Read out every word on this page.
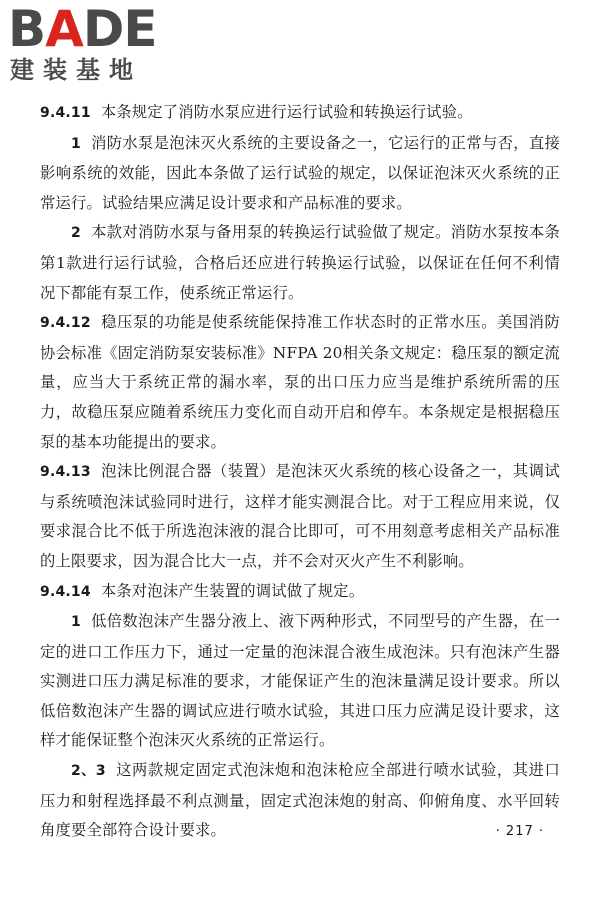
BADE
建装基地

9.4.11 本条规定了消防水泵应进行运行试验和转换运行试验。

1 消防水泵是泡沫灭火系统的主要设备之一，它运行的正常与否，直接影响系统的效能，因此本条做了运行试验的规定，以保证泡沫灭火系统的正常运行。试验结果应满足设计要求和产品标准的要求。

2 本款对消防水泵与备用泵的转换运行试验做了规定。消防水泵按本条第1款进行运行试验，合格后还应进行转换运行试验，以保证在任何不利情况下都能有泵工作，使系统正常运行。

9.4.12 稳压泵的功能是使系统能保持准工作状态时的正常水压。美国消防协会标准《固定消防泵安装标准》NFPA 20相关条文规定：稳压泵的额定流量，应当大于系统正常的漏水率，泵的出口压力应当是维护系统所需的压力，故稳压泵应随着系统压力变化而自动开启和停车。本条规定是根据稳压泵的基本功能提出的要求。

9.4.13 泡沫比例混合器（装置）是泡沫灭火系统的核心设备之一，其调试与系统喷泡沫试验同时进行，这样才能实测混合比。对于工程应用来说，仅要求混合比不低于所选泡沫液的混合比即可，可不用刻意考虑相关产品标准的上限要求，因为混合比大一点，并不会对灭火产生不利影响。

9.4.14 本条对泡沫产生装置的调试做了规定。

1 低倍数泡沫产生器分液上、液下两种形式，不同型号的产生器，在一定的进口工作压力下，通过一定量的泡沫混合液生成泡沫。只有泡沫产生器实测进口压力满足标准的要求，才能保证产生的泡沫量满足设计要求。所以低倍数泡沫产生器的调试应进行喷水试验，其进口压力应满足设计要求，这样才能保证整个泡沫灭火系统的正常运行。

2、3 这两款规定固定式泡沫炮和泡沫枪应全部进行喷水试验，其进口压力和射程选择最不利点测量，固定式泡沫炮的射高、仰俯角度、水平回转角度要全部符合设计要求。	· 217 ·
